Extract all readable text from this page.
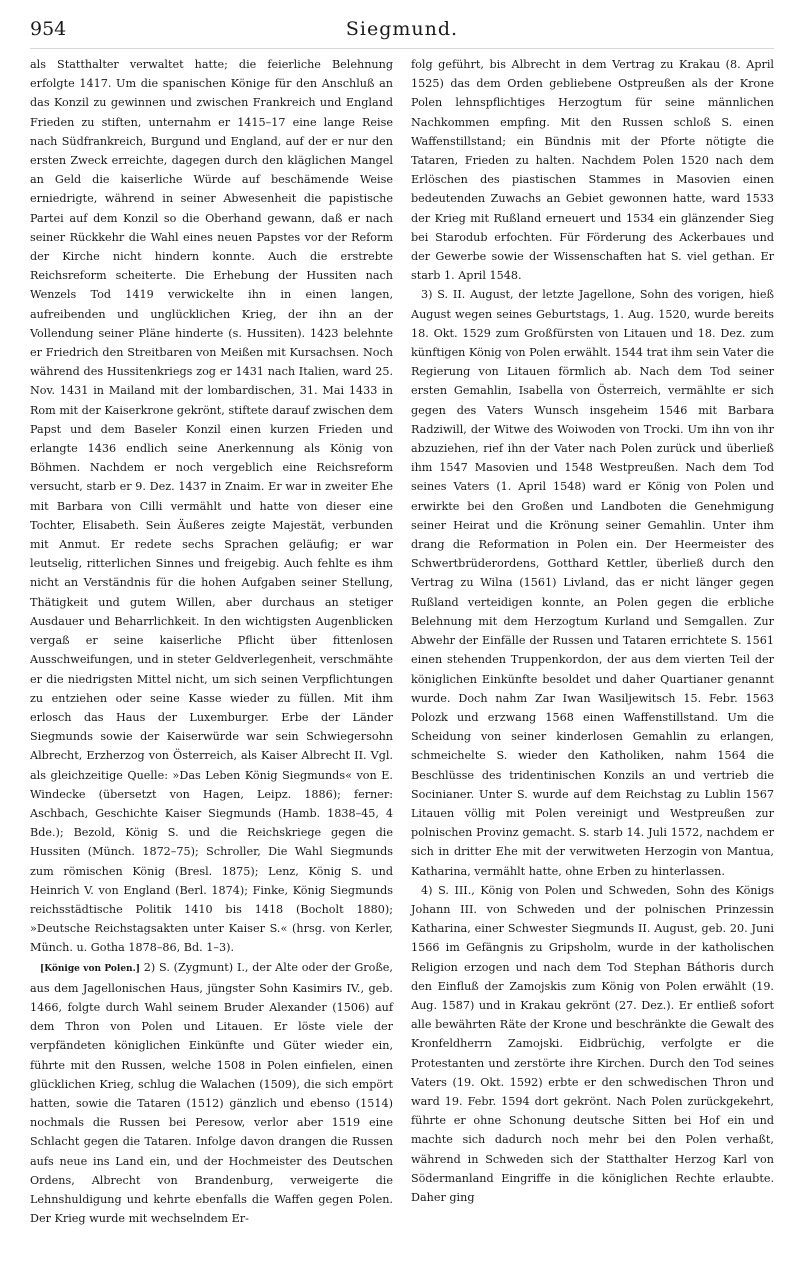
954	Siegmund.

als Statthalter verwaltet hatte; die feierliche Belehnung erfolgte 1417. Um die spanischen Könige für den Anschluß an das Konzil zu gewinnen und zwischen Frankreich und England Frieden zu stiften, unternahm er 1415–17 eine lange Reise nach Südfrankreich, Burgund und England, auf der er nur den ersten Zweck erreichte, dagegen durch den kläglichen Mangel an Geld die kaiserliche Würde auf beschämende Weise erniedrigte, während in seiner Abwesenheit die papistische Partei auf dem Konzil so die Oberhand gewann, daß er nach seiner Rückkehr die Wahl eines neuen Papstes vor der Reform der Kirche nicht hindern konnte. Auch die erstrebte Reichsreform scheiterte. Die Erhebung der Hussiten nach Wenzels Tod 1419 verwickelte ihn in einen langen, aufreibenden und unglücklichen Krieg, der ihn an der Vollendung seiner Pläne hinderte (s. Hussiten). 1423 belehnte er Friedrich den Streitbaren von Meißen mit Kursachsen. Noch während des Hussitenkriegs zog er 1431 nach Italien, ward 25. Nov. 1431 in Mailand mit der lombardischen, 31. Mai 1433 in Rom mit der Kaiserkrone gekrönt, stiftete darauf zwischen dem Papst und dem Baseler Konzil einen kurzen Frieden und erlangte 1436 endlich seine Anerkennung als König von Böhmen. Nachdem er noch vergeblich eine Reichsreform versucht, starb er 9. Dez. 1437 in Znaim. Er war in zweiter Ehe mit Barbara von Cilli vermählt und hatte von dieser eine Tochter, Elisabeth. Sein Äußeres zeigte Majestät, verbunden mit Anmut. Er redete sechs Sprachen geläufig; er war leutselig, ritterlichen Sinnes und freigebig. Auch fehlte es ihm nicht an Verständnis für die hohen Aufgaben seiner Stellung, Thätigkeit und gutem Willen, aber durchaus an stetiger Ausdauer und Beharrlichkeit. In den wichtigsten Augenblicken vergaß er seine kaiserliche Pflicht über fittenlosen Ausschweifungen, und in steter Geldverlegenheit, verschmähte er die niedrigsten Mittel nicht, um sich seinen Verpflichtungen zu entziehen oder seine Kasse wieder zu füllen. Mit ihm erlosch das Haus der Luxemburger. Erbe der Länder Siegmunds sowie der Kaiserwürde war sein Schwiegersohn Albrecht, Erzherzog von Österreich, als Kaiser Albrecht II. Vgl. als gleichzeitige Quelle: »Das Leben König Siegmunds« von E. Windecke (übersetzt von Hagen, Leipz. 1886); ferner: Aschbach, Geschichte Kaiser Siegmunds (Hamb. 1838–45, 4 Bde.); Bezold, König S. und die Reichskriege gegen die Hussiten (Münch. 1872–75); Schroller, Die Wahl Siegmunds zum römischen König (Bresl. 1875); Lenz, König S. und Heinrich V. von England (Berl. 1874); Finke, König Siegmunds reichsstädtische Politik 1410 bis 1418 (Bocholt 1880); »Deutsche Reichstagsakten unter Kaiser S.« (hrsg. von Kerler, Münch. u. Gotha 1878–86, Bd. 1–3).

[Könige von Polen.] 2) S. (Zygmunt) I., der Alte oder der Große, aus dem Jagellonischen Haus, jüngster Sohn Kasimirs IV., geb. 1466, folgte durch Wahl seinem Bruder Alexander (1506) auf dem Thron von Polen und Litauen. Er löste viele der verpfändeten königlichen Einkünfte und Güter wieder ein, führte mit den Russen, welche 1508 in Polen einfielen, einen glücklichen Krieg, schlug die Walachen (1509), die sich empört hatten, sowie die Tataren (1512) gänzlich und ebenso (1514) nochmals die Russen bei Peresow, verlor aber 1519 eine Schlacht gegen die Tataren. Infolge davon drangen die Russen aufs neue ins Land ein, und der Hochmeister des Deutschen Ordens, Albrecht von Brandenburg, verweigerte die Lehnshuldigung und kehrte ebenfalls die Waffen gegen Polen. Der Krieg wurde mit wechselndem Er-

folg geführt, bis Albrecht in dem Vertrag zu Krakau (8. April 1525) das dem Orden gebliebene Ostpreußen als der Krone Polen lehnspflichtiges Herzogtum für seine männlichen Nachkommen empfing. Mit den Russen schloß S. einen Waffenstillstand; ein Bündnis mit der Pforte nötigte die Tataren, Frieden zu halten. Nachdem Polen 1520 nach dem Erlöschen des piastischen Stammes in Masovien einen bedeutenden Zuwachs an Gebiet gewonnen hatte, ward 1533 der Krieg mit Rußland erneuert und 1534 ein glänzender Sieg bei Starodub erfochten. Für Förderung des Ackerbaues und der Gewerbe sowie der Wissenschaften hat S. viel gethan. Er starb 1. April 1548.

3) S. II. August, der letzte Jagellone, Sohn des vorigen, hieß August wegen seines Geburtstags, 1. Aug. 1520, wurde bereits 18. Okt. 1529 zum Großfürsten von Litauen und 18. Dez. zum künftigen König von Polen erwählt. 1544 trat ihm sein Vater die Regierung von Litauen förmlich ab. Nach dem Tod seiner ersten Gemahlin, Isabella von Österreich, vermählte er sich gegen des Vaters Wunsch insgeheim 1546 mit Barbara Radziwill, der Witwe des Woiwoden von Trocki. Um ihn von ihr abzuziehen, rief ihn der Vater nach Polen zurück und überließ ihm 1547 Masovien und 1548 Westpreußen. Nach dem Tod seines Vaters (1. April 1548) ward er König von Polen und erwirkte bei den Großen und Landboten die Genehmigung seiner Heirat und die Krönung seiner Gemahlin. Unter ihm drang die Reformation in Polen ein. Der Heermeister des Schwertbrüderordens, Gotthard Kettler, überließ durch den Vertrag zu Wilna (1561) Livland, das er nicht länger gegen Rußland verteidigen konnte, an Polen gegen die erbliche Belehnung mit dem Herzogtum Kurland und Semgallen. Zur Abwehr der Einfälle der Russen und Tataren errichtete S. 1561 einen stehenden Truppenkordon, der aus dem vierten Teil der königlichen Einkünfte besoldet und daher Quartianer genannt wurde. Doch nahm Zar Iwan Wasiljewitsch 15. Febr. 1563 Polozk und erzwang 1568 einen Waffenstillstand. Um die Scheidung von seiner kinderlosen Gemahlin zu erlangen, schmeichelte S. wieder den Katholiken, nahm 1564 die Beschlüsse des tridentinischen Konzils an und vertrieb die Socinianer. Unter S. wurde auf dem Reichstag zu Lublin 1567 Litauen völlig mit Polen vereinigt und Westpreußen zur polnischen Provinz gemacht. S. starb 14. Juli 1572, nachdem er sich in dritter Ehe mit der verwitweten Herzogin von Mantua, Katharina, vermählt hatte, ohne Erben zu hinterlassen.

4) S. III., König von Polen und Schweden, Sohn des Königs Johann III. von Schweden und der polnischen Prinzessin Katharina, einer Schwester Siegmunds II. August, geb. 20. Juni 1566 im Gefängnis zu Gripsholm, wurde in der katholischen Religion erzogen und nach dem Tod Stephan Báthoris durch den Einfluß der Zamojskis zum König von Polen erwählt (19. Aug. 1587) und in Krakau gekrönt (27. Dez.). Er entließ sofort alle bewährten Räte der Krone und beschränkte die Gewalt des Kronfeldherrn Zamojski. Eidbrüchig, verfolgte er die Protestanten und zerstörte ihre Kirchen. Durch den Tod seines Vaters (19. Okt. 1592) erbte er den schwedischen Thron und ward 19. Febr. 1594 dort gekrönt. Nach Polen zurückgekehrt, führte er ohne Schonung deutsche Sitten bei Hof ein und machte sich dadurch noch mehr bei den Polen verhaßt, während in Schweden sich der Statthalter Herzog Karl von Södermanland Eingriffe in die königlichen Rechte erlaubte. Daher ging
